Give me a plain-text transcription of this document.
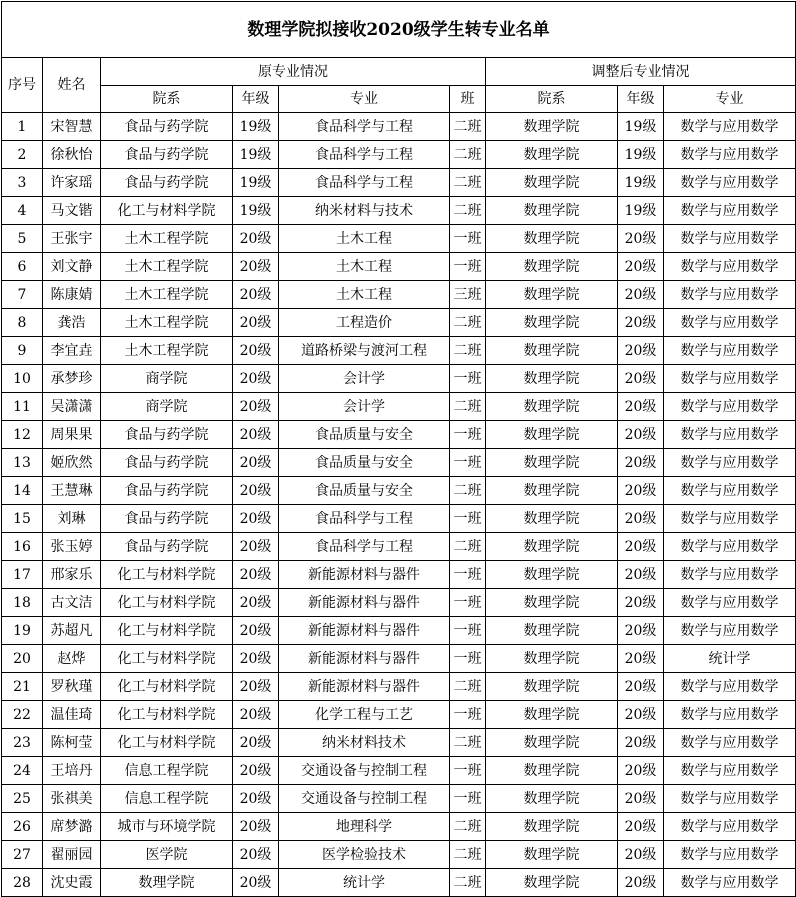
数理学院拟接收2020级学生转专业名单								
序号	姓名	原专业情况				调整后专业情况		
		院系	年级	专业	班	院系	年级	专业
1	宋智慧	食品与药学院	19级	食品科学与工程	二班	数理学院	19级	数学与应用数学
2	徐秋怡	食品与药学院	19级	食品科学与工程	二班	数理学院	19级	数学与应用数学
3	许家瑶	食品与药学院	19级	食品科学与工程	二班	数理学院	19级	数学与应用数学
4	马文锴	化工与材料学院	19级	纳米材料与技术	二班	数理学院	19级	数学与应用数学
5	王张宇	土木工程学院	20级	土木工程	一班	数理学院	20级	数学与应用数学
6	刘文静	土木工程学院	20级	土木工程	一班	数理学院	20级	数学与应用数学
7	陈康婧	土木工程学院	20级	土木工程	三班	数理学院	20级	数学与应用数学
8	龚浩	土木工程学院	20级	工程造价	二班	数理学院	20级	数学与应用数学
9	李宜垚	土木工程学院	20级	道路桥梁与渡河工程	二班	数理学院	20级	数学与应用数学
10	承梦珍	商学院	20级	会计学	一班	数理学院	20级	数学与应用数学
11	吴潇潇	商学院	20级	会计学	二班	数理学院	20级	数学与应用数学
12	周果果	食品与药学院	20级	食品质量与安全	一班	数理学院	20级	数学与应用数学
13	姬欣然	食品与药学院	20级	食品质量与安全	一班	数理学院	20级	数学与应用数学
14	王慧琳	食品与药学院	20级	食品质量与安全	二班	数理学院	20级	数学与应用数学
15	刘琳	食品与药学院	20级	食品科学与工程	一班	数理学院	20级	数学与应用数学
16	张玉婷	食品与药学院	20级	食品科学与工程	二班	数理学院	20级	数学与应用数学
17	邢家乐	化工与材料学院	20级	新能源材料与器件	一班	数理学院	20级	数学与应用数学
18	古文洁	化工与材料学院	20级	新能源材料与器件	一班	数理学院	20级	数学与应用数学
19	苏超凡	化工与材料学院	20级	新能源材料与器件	一班	数理学院	20级	数学与应用数学
20	赵烨	化工与材料学院	20级	新能源材料与器件	一班	数理学院	20级	统计学
21	罗秋瑾	化工与材料学院	20级	新能源材料与器件	二班	数理学院	20级	数学与应用数学
22	温佳琦	化工与材料学院	20级	化学工程与工艺	一班	数理学院	20级	数学与应用数学
23	陈柯莹	化工与材料学院	20级	纳米材料技术	二班	数理学院	20级	数学与应用数学
24	王培丹	信息工程学院	20级	交通设备与控制工程	一班	数理学院	20级	数学与应用数学
25	张祺美	信息工程学院	20级	交通设备与控制工程	一班	数理学院	20级	数学与应用数学
26	席梦潞	城市与环境学院	20级	地理科学	二班	数理学院	20级	数学与应用数学
27	翟丽园	医学院	20级	医学检验技术	二班	数理学院	20级	数学与应用数学
28	沈史霞	数理学院	20级	统计学	二班	数理学院	20级	数学与应用数学
